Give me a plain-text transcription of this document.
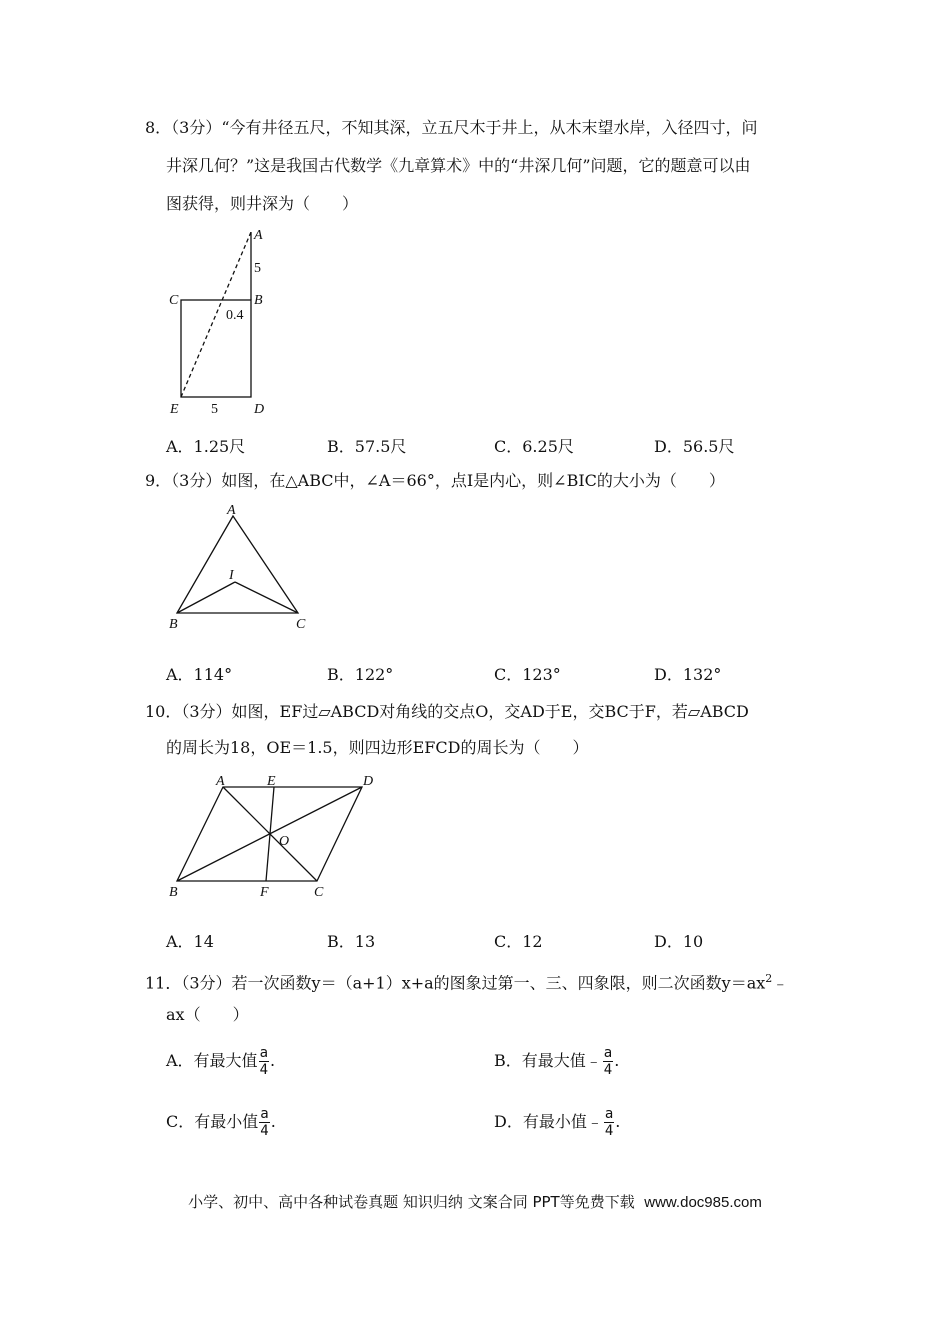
8．（3分）“今有井径五尺，不知其深，立五尺木于井上，从木末望水岸，入径四寸，问
井深几何？”这是我国古代数学《九章算术》中的“井深几何”问题，它的题意可以由
图获得，则井深为（　　）
A
5
C	B
0.4
E 5	D
A．1.25尺	B．57.5尺	C．6.25尺	D．56.5尺
9．（3分）如图，在△ABC中，∠A＝66°，点I是内心，则∠BIC的大小为（　　）
A
I
B	C
A．114°	B．122°	C．123°	D．132°
10．（3分）如图，EF过▱ABCD对角线的交点O，交AD于E，交BC于F，若▱ABCD
的周长为18，OE＝1.5，则四边形EFCD的周长为（　　）
A	E	D
O
B	F	C
A．14	B．13	C．12	D．10
11．（3分）若一次函数y＝（a+1）x+a的图象过第一、三、四象限，则二次函数$y=ax^2﹣$
ax（　　）
A．有最大值 $\frac{a}{4}$ .	B．有最大值﹣ $\frac{a}{4}$ .
C．有最小值 $\frac{a}{4}$ .	D．有最小值﹣ $\frac{a}{4}$ .
小学、初中、高中各种试卷真题 知识归纳 文案合同 PPT等免费下载 www.doc985.com
